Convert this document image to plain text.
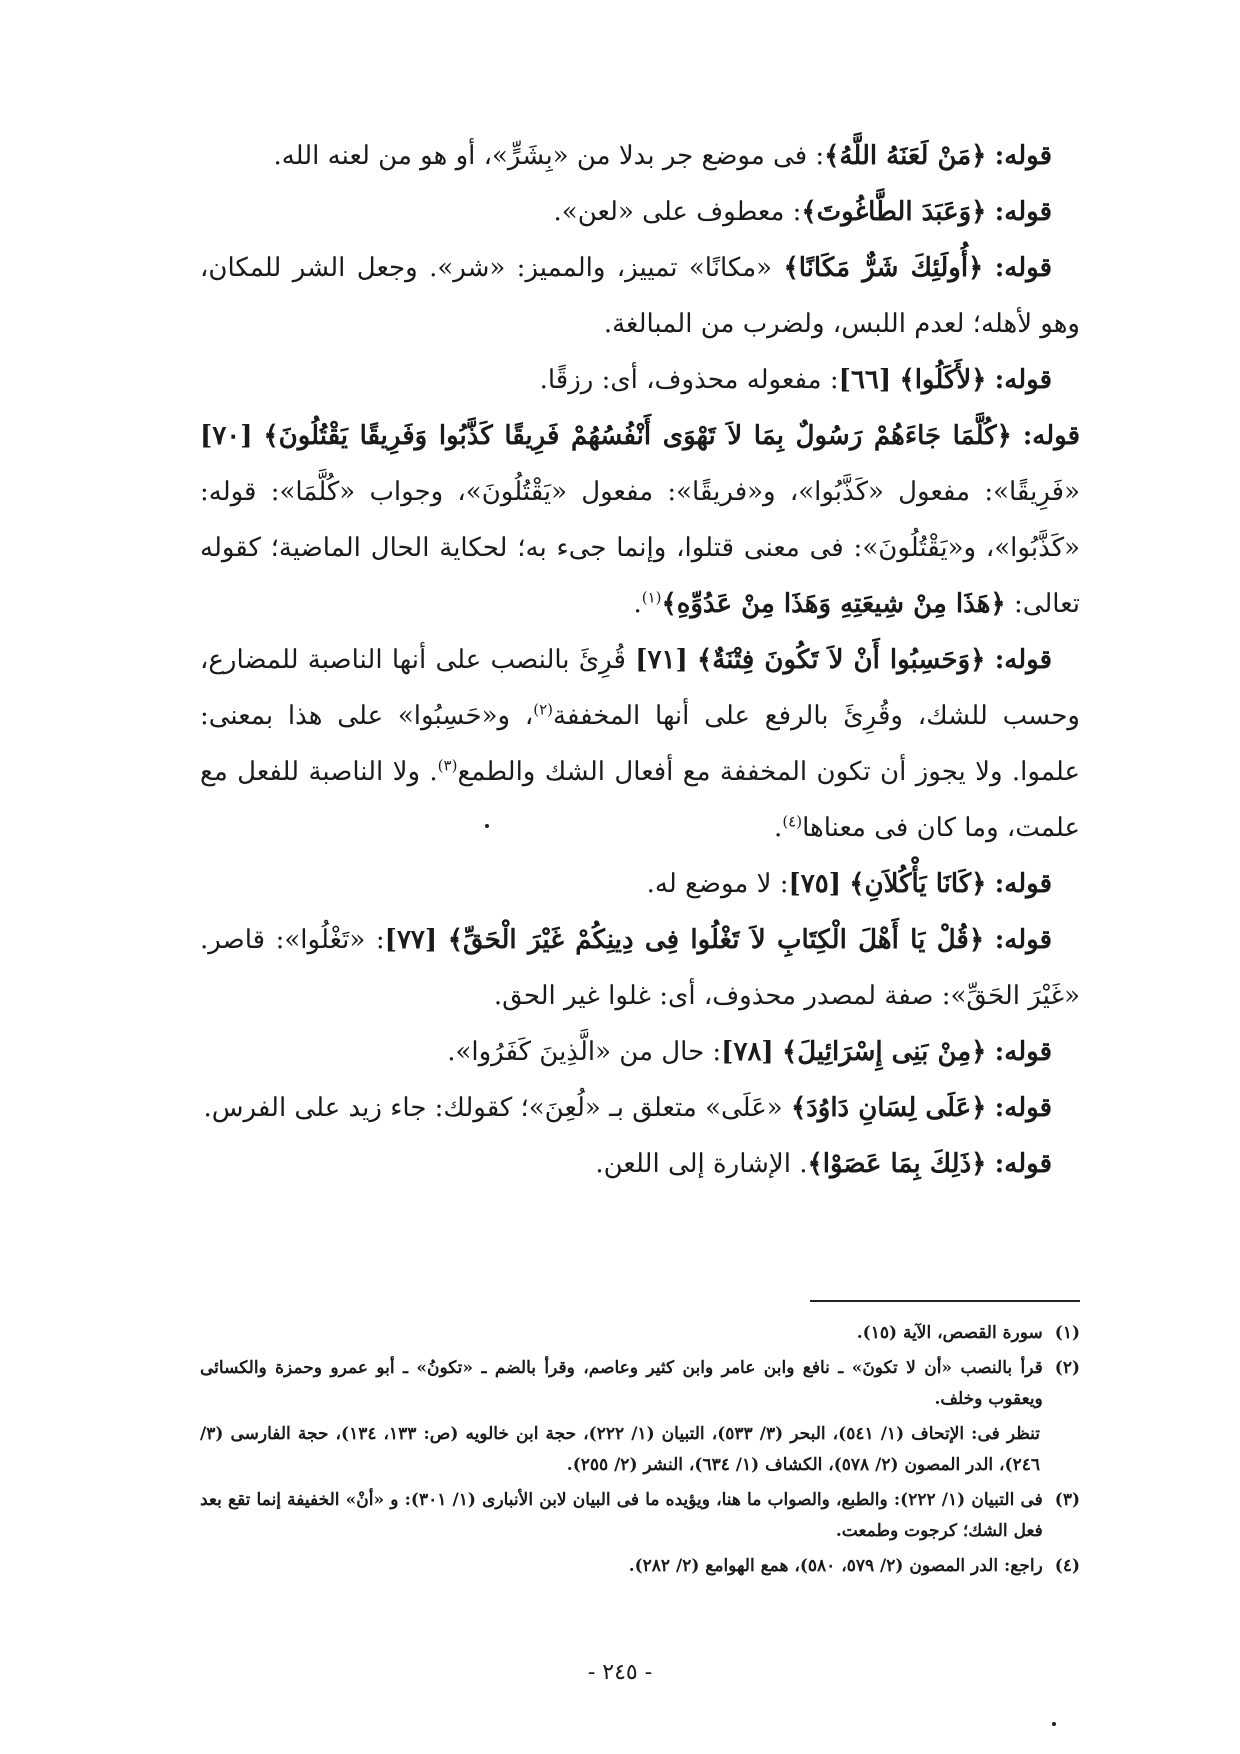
قوله: ﴿مَنْ لَعَنَهُ اللَّهُ﴾: فى موضع جر بدلا من «بِشَرٍّ»، أو هو من لعنه الله.

قوله: ﴿وَعَبَدَ الطَّاغُوتَ﴾: معطوف على «لعن».

قوله: ﴿أُولَئِكَ شَرٌّ مَكَانًا﴾ «مكانًا» تمييز، والمميز: «شر». وجعل الشر للمكان، وهو لأهله؛ لعدم اللبس، ولضرب من المبالغة.

قوله: ﴿لأَكَلُوا﴾ [٦٦]: مفعوله محذوف، أى: رزقًا.

قوله: ﴿كُلَّمَا جَاءَهُمْ رَسُولٌ بِمَا لاَ تَهْوَى أَنْفُسُهُمْ فَرِيقًا كَذَّبُوا وَفَرِيقًا يَقْتُلُونَ﴾ [٧٠] «فَرِيقًا»: مفعول «كَذَّبُوا»، و«فريقًا»: مفعول «يَقْتُلُونَ»، وجواب «كُلَّمَا»: قوله: «كَذَّبُوا»، و«يَقْتُلُونَ»: فى معنى قتلوا، وإنما جىء به؛ لحكاية الحال الماضية؛ كقوله تعالى: ﴿هَذَا مِنْ شِيعَتِهِ وَهَذَا مِنْ عَدُوِّهِ﴾$^{(١)}$.

قوله: ﴿وَحَسِبُوا أَنْ لاَ تَكُونَ فِتْنَةٌ﴾ [٧١] قُرِئَ بالنصب على أنها الناصبة للمضارع، وحسب للشك، وقُرِئَ بالرفع على أنها المخففة$^{(٢)}$، و«حَسِبُوا» على هذا بمعنى: علموا. ولا يجوز أن تكون المخففة مع أفعال الشك والطمع$^{(٣)}$. ولا الناصبة للفعل مع علمت، وما كان فى معناها$^{(٤)}$.

قوله: ﴿كَانَا يَأْكُلاَنِ﴾ [٧٥]: لا موضع له.

قوله: ﴿قُلْ يَا أَهْلَ الْكِتَابِ لاَ تَغْلُوا فِى دِينِكُمْ غَيْرَ الْحَقِّ﴾ [٧٧]: «تَغْلُوا»: قاصر. «غَيْرَ الحَقِّ»: صفة لمصدر محذوف، أى: غلوا غير الحق.

قوله: ﴿مِنْ بَنِى إِسْرَائِيلَ﴾ [٧٨]: حال من «الَّذِينَ كَفَرُوا».

قوله: ﴿عَلَى لِسَانِ دَاوُدَ﴾ «عَلَى» متعلق بـ «لُعِنَ»؛ كقولك: جاء زيد على الفرس.

قوله: ﴿ذَلِكَ بِمَا عَصَوْا﴾. الإشارة إلى اللعن.

(١)
سورة القصص، الآية (١٥).

(٢)
قرأ بالنصب «أن لا تكونَ» ـ نافع وابن عامر وابن كثير وعاصم، وقرأ بالضم ـ «تكونُ» ـ أبو عمرو وحمزة والكسائى ويعقوب وخلف.

تنظر فى: الإتحاف (١/ ٥٤١)، البحر (٣/ ٥٣٣)، التبيان (١/ ٢٢٢)، حجة ابن خالويه (ص: ١٣٣، ١٣٤)، حجة الفارسى (٣/ ٢٤٦)، الدر المصون (٢/ ٥٧٨)، الكشاف (١/ ٦٣٤)، النشر (٢/ ٢٥٥).

(٣)
فى التبيان (١/ ٢٢٢): والطبع، والصواب ما هنا، ويؤيده ما فى البيان لابن الأنبارى (١/ ٣٠١): و «أنْ» الخفيفة إنما تقع بعد فعل الشك؛ كرجوت وطمعت.

(٤)
راجع: الدر المصون (٢/ ٥٧٩، ٥٨٠)، همع الهوامع (٢/ ٢٨٢).

- ٢٤٥ -
